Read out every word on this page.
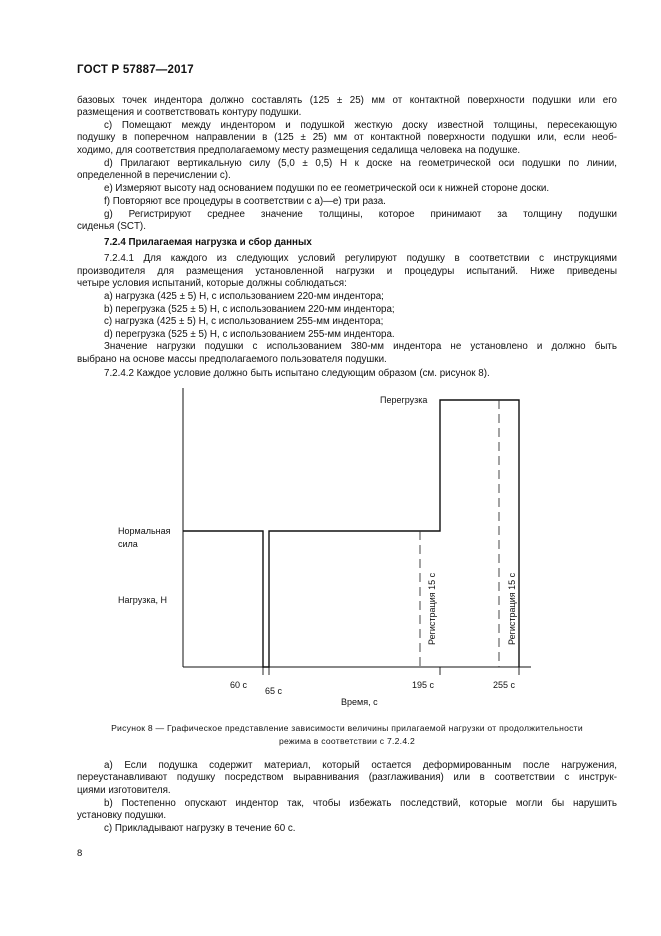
ГОСТ Р 57887—2017
базовых точек индентора должно составлять (125 ± 25) мм от контактной поверхности подушки или его
размещения и соответствовать контуру подушки.
c) Помещают между индентором и подушкой жесткую доску известной толщины, пересекающую
подушку в поперечном направлении в (125 ± 25) мм от контактной поверхности подушки или, если необ-
ходимо, для соответствия предполагаемому месту размещения седалища человека на подушке.
d) Прилагают вертикальную силу (5,0 ± 0,5) Н к доске на геометрической оси подушки по линии,
определенной в перечислении c).
e) Измеряют высоту над основанием подушки по ее геометрической оси к нижней стороне доски.
f) Повторяют все процедуры в соответствии с а)—е) три раза.
g) Регистрируют среднее значение толщины, которое принимают за толщину подушки
сиденья (SCT).
7.2.4 Прилагаемая нагрузка и сбор данных
7.2.4.1 Для каждого из следующих условий регулируют подушку в соответствии с инструкциями
производителя для размещения установленной нагрузки и процедуры испытаний. Ниже приведены
четыре условия испытаний, которые должны соблюдаться:
a) нагрузка (425 ± 5) Н, с использованием 220-мм индентора;
b) перегрузка (525 ± 5) Н, с использованием 220-мм индентора;
c) нагрузка (425 ± 5) Н, с использованием 255-мм индентора;
d) перегрузка (525 ± 5) Н, с использованием 255-мм индентора.
Значение нагрузки подушки с использованием 380-мм индентора не установлено и должно быть
выбрано на основе массы предполагаемого пользователя подушки.
7.2.4.2 Каждое условие должно быть испытано следующим образом (см. рисунок 8).
Перегрузка
Нормальная
сила
Нагрузка, Н	Регистрация 15 с	Регистрация 15 с
60 с
65 с
195 с	255 с
Время, с
Рисунок 8 — Графическое представление зависимости величины прилагаемой нагрузки от продолжительности
режима в соответствии с 7.2.4.2
a) Если подушка содержит материал, который остается деформированным после нагружения,
переустанавливают подушку посредством выравнивания (разглаживания) или в соответствии с инструк-
циями изготовителя.
b) Постепенно опускают индентор так, чтобы избежать последствий, которые могли бы нарушить
установку подушки.
c) Прикладывают нагрузку в течение 60 с.
8
